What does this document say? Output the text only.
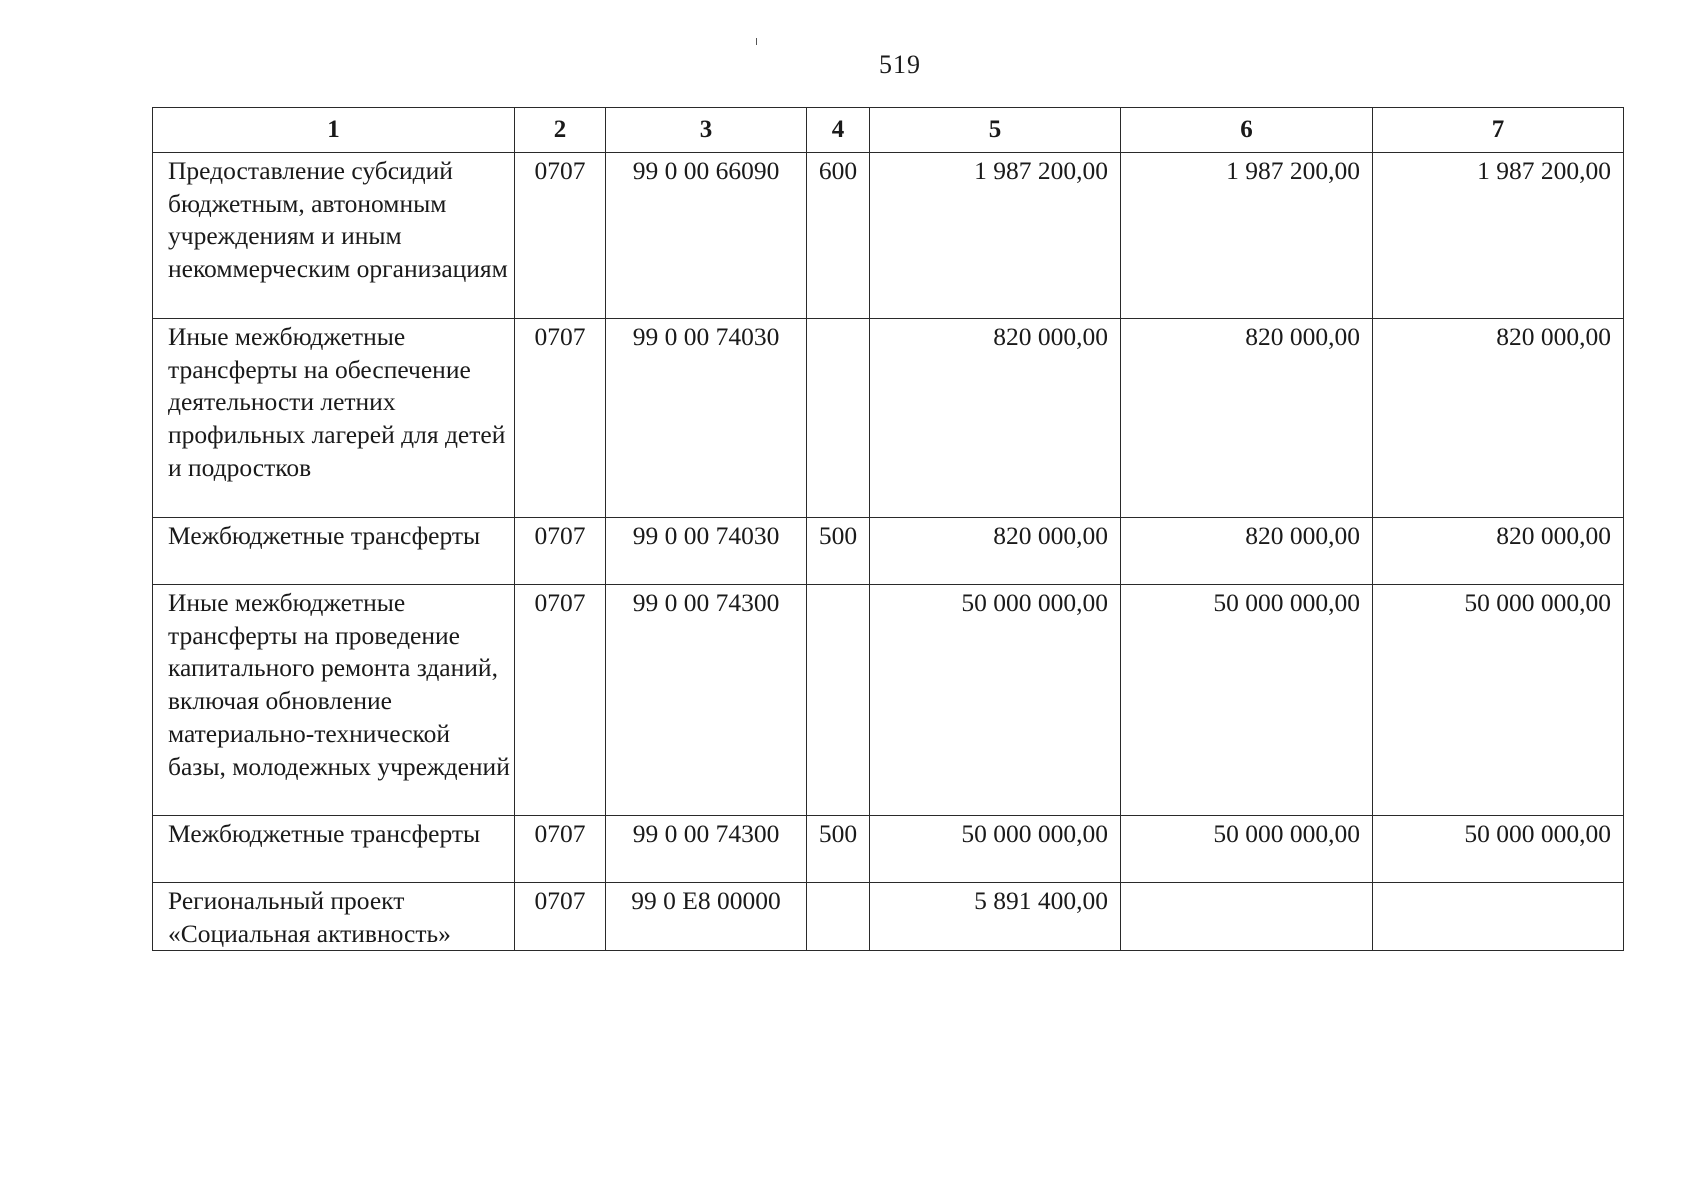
519
1	2	3	4	5	6	7
Предоставление субсидий бюджетным, автономным учреждениям и иным некоммерческим организациям	0707	99 0 00 66090	600	1 987 200,00	1 987 200,00	1 987 200,00
Иные межбюджетные трансферты на обеспечение деятельности летних профильных лагерей для детей и подростков	0707	99 0 00 74030		820 000,00	820 000,00	820 000,00
Межбюджетные трансферты	0707	99 0 00 74030	500	820 000,00	820 000,00	820 000,00
Иные межбюджетные трансферты на проведение капитального ремонта зданий, включая обновление материально-технической базы, молодежных учреждений	0707	99 0 00 74300		50 000 000,00	50 000 000,00	50 000 000,00
Межбюджетные трансферты	0707	99 0 00 74300	500	50 000 000,00	50 000 000,00	50 000 000,00
Региональный проект «Социальная активность»	0707	99 0 E8 00000		5 891 400,00		
